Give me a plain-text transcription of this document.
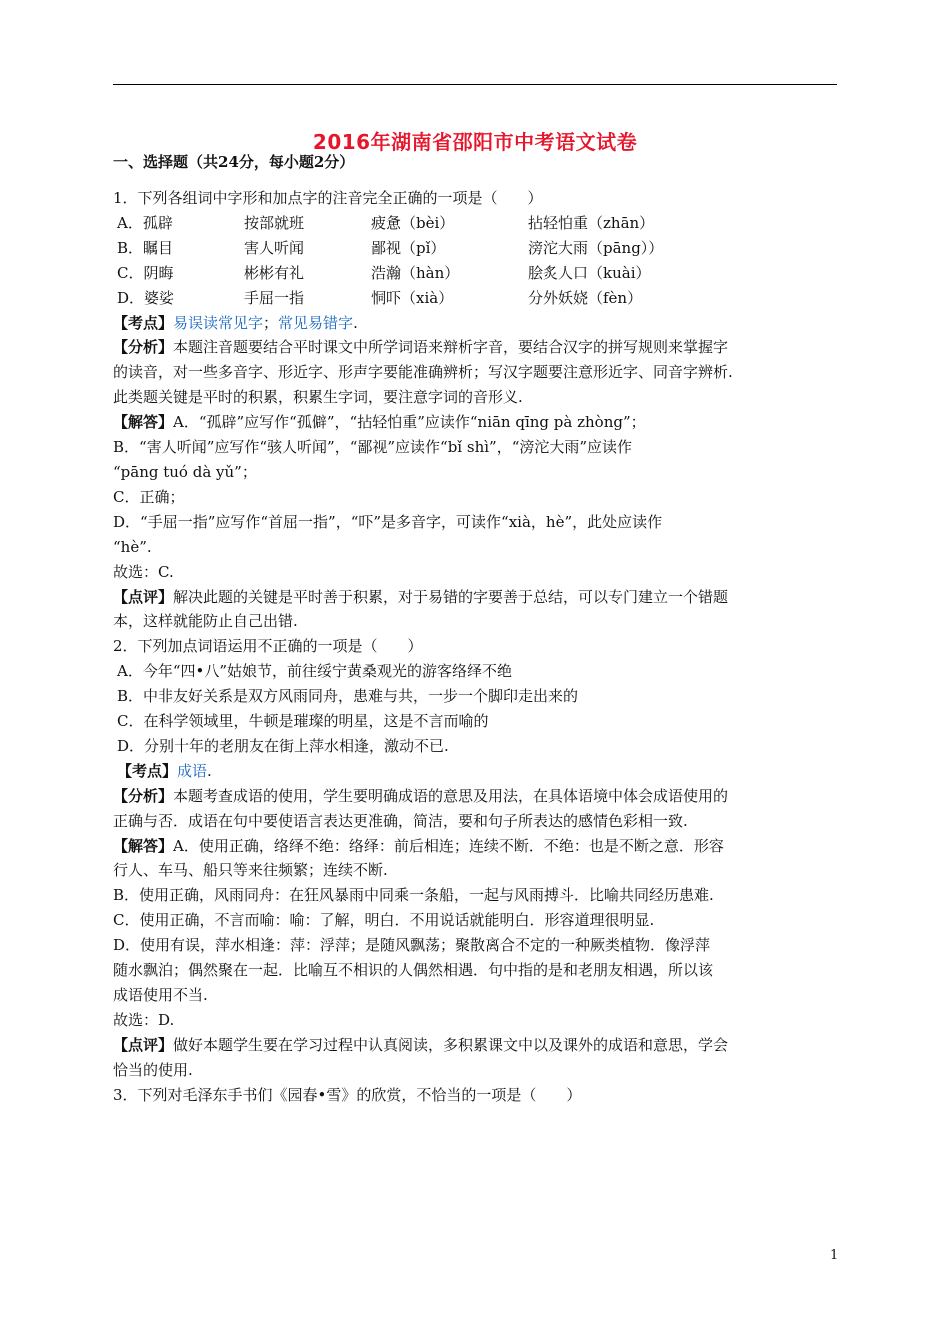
2016年湖南省邵阳市中考语文试卷
一、选择题（共24分，每小题2分）

1．下列各组词中字形和加点字的注音完全正确的一项是（　　）

A．孤辟	按部就班	疲惫（bèi）	拈轻怕重（zhān）
B．瞩目	害人听闻	鄙视（pǐ）	滂沱大雨（pāng））
C．阴晦	彬彬有礼	浩瀚（hàn）	脍炙人口（kuài）
D．婆娑	手屈一指	恫吓（xià）	分外妖娆（fèn）

【考点】易误读常见字；常见易错字.

【分析】本题注音题要结合平时课文中所学词语来辩析字音，要结合汉字的拼写规则来掌握字

的读音，对一些多音字、形近字、形声字要能准确辨析；写汉字题要注意形近字、同音字辨析.

此类题关键是平时的积累，积累生字词，要注意字词的音形义.

【解答】A．“孤辟”应写作“孤僻”，“拈轻怕重”应读作“niān qīng pà zhòng”；

B．“害人听闻”应写作“骇人听闻”，“鄙视”应读作“bǐ shì”，“滂沱大雨”应读作

“pāng tuó dà yǔ”；

C．正确；

D．“手屈一指”应写作“首屈一指”，“吓”是多音字，可读作“xià，hè”，此处应读作

“hè”.

故选：C.

【点评】解决此题的关键是平时善于积累，对于易错的字要善于总结，可以专门建立一个错题

本，这样就能防止自己出错.

2．下列加点词语运用不正确的一项是（　　）

A．今年“四•八”姑娘节，前往绥宁黄桑观光的游客络绎不绝

B．中非友好关系是双方风雨同舟，患难与共，一步一个脚印走出来的

C．在科学领域里，牛顿是璀璨的明星，这是不言而喻的

D．分别十年的老朋友在街上萍水相逢，激动不已.

【考点】成语.

【分析】本题考查成语的使用，学生要明确成语的意思及用法，在具体语境中体会成语使用的

正确与否．成语在句中要使语言表达更准确，简洁，要和句子所表达的感情色彩相一致.

【解答】A．使用正确，络绎不绝：络绎：前后相连；连续不断．不绝：也是不断之意．形容

行人、车马、船只等来往频繁；连续不断.

B．使用正确，风雨同舟：在狂风暴雨中同乘一条船，一起与风雨搏斗．比喻共同经历患难.

C．使用正确，不言而喻：喻：了解，明白．不用说话就能明白．形容道理很明显.

D．使用有误，萍水相逢：萍：浮萍；是随风飘荡；聚散离合不定的一种厥类植物．像浮萍

随水飘泊；偶然聚在一起．比喻互不相识的人偶然相遇．句中指的是和老朋友相遇，所以该

成语使用不当.

故选：D.

【点评】做好本题学生要在学习过程中认真阅读，多积累课文中以及课外的成语和意思，学会

恰当的使用.

3．下列对毛泽东手书们《园春•雪》的欣赏，不恰当的一项是（　　）

1
